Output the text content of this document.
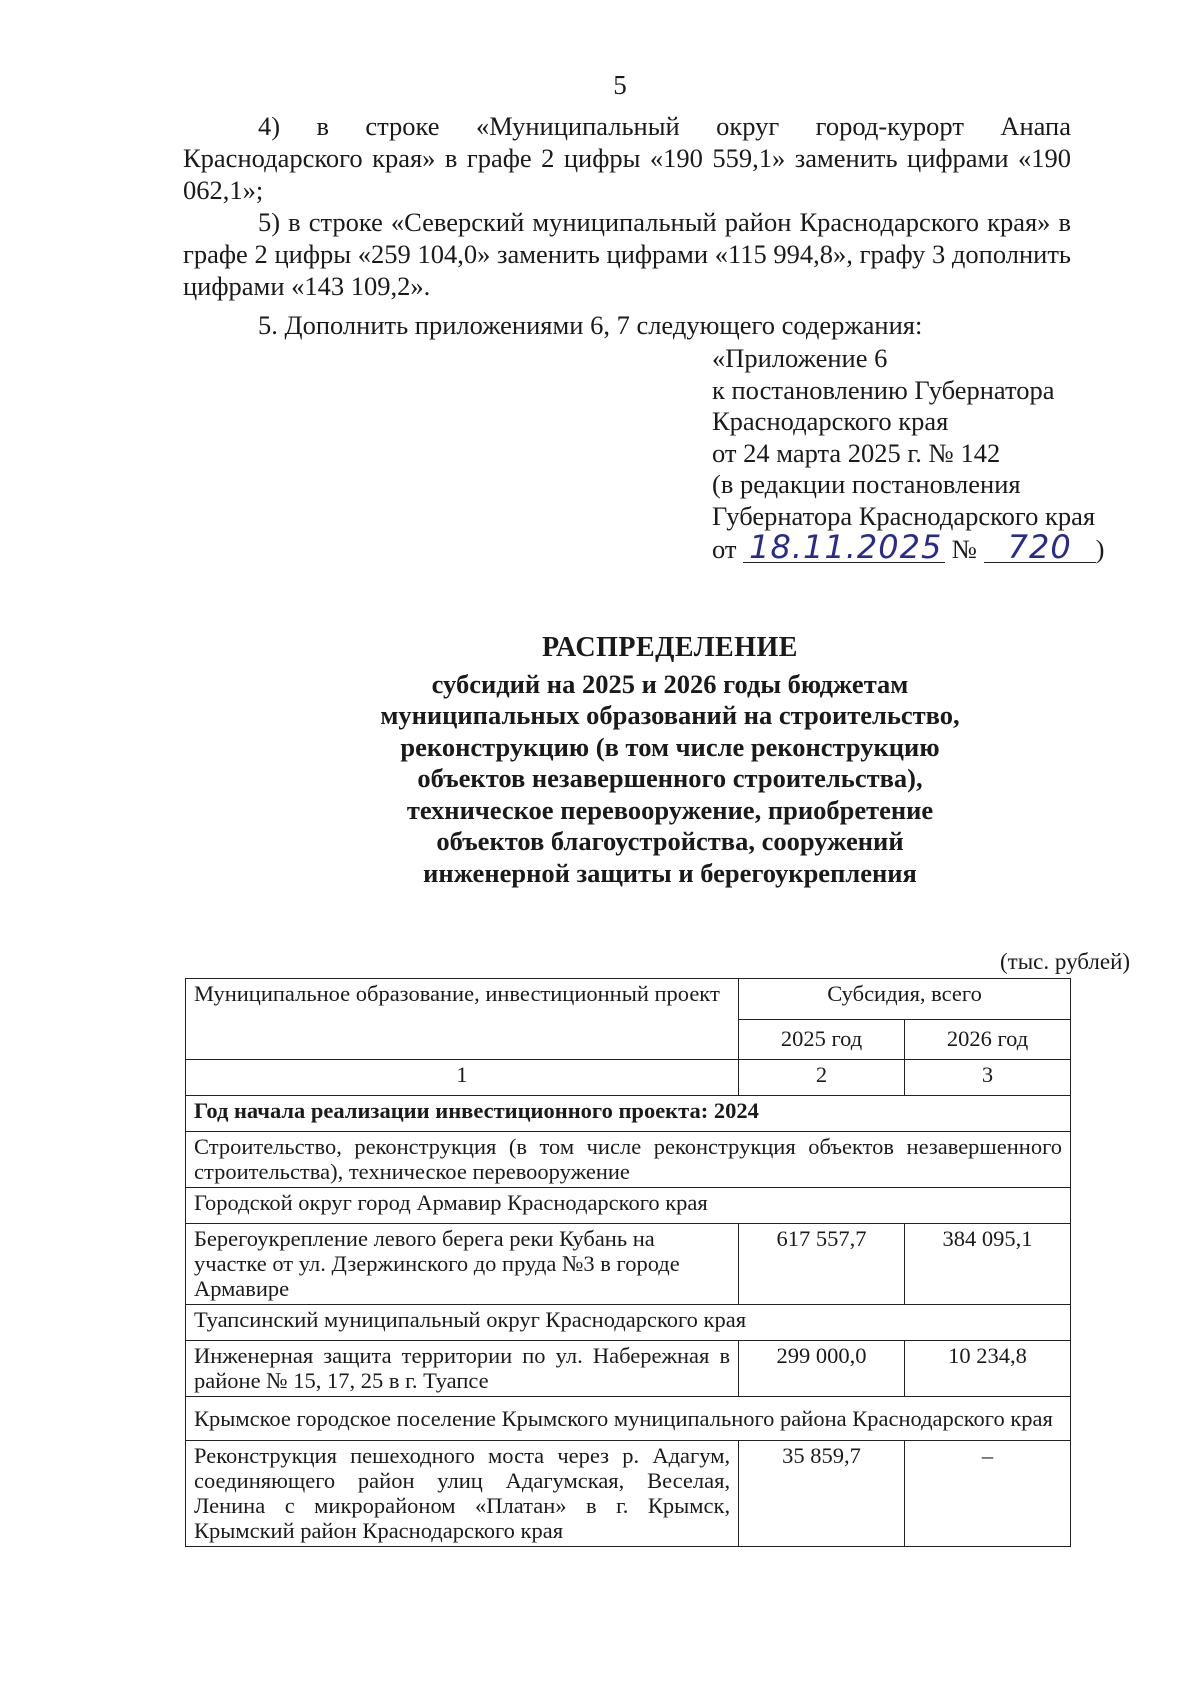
5

4) в строке «Муниципальный округ город-курорт Анапа Краснодарского края» в графе 2 цифры «190 559,1» заменить цифрами «190 062,1»;

5) в строке «Северский муниципальный район Краснодарского края» в графе 2 цифры «259 104,0» заменить цифрами «115 994,8», графу 3 дополнить цифрами «143 109,2».

5. Дополнить приложениями 6, 7 следующего содержания:

«Приложение 6
к постановлению Губернатора
Краснодарского края
от 24 марта 2025 г. № 142
(в редакции постановления
Губернатора Краснодарского края
от 18.11.2025 № 720 )
РАСПРЕДЕЛЕНИЕ
субсидий на 2025 и 2026 годы бюджетам
муниципальных образований на строительство,
реконструкцию (в том числе реконструкцию
объектов незавершенного строительства),
техническое перевооружение, приобретение
объектов благоустройства, сооружений
инженерной защиты и берегоукрепления
(тыс. рублей)
Муниципальное образование, инвестиционный проект	Субсидия, всего	
	2025 год	2026 год
1	2	3
Год начала реализации инвестиционного проекта: 2024		
Строительство, реконструкция (в том числе реконструкция объектов незавершенного строительства), техническое перевооружение		
Городской округ город Армавир Краснодарского края		
Берегоукрепление левого берега реки Кубань на участке от ул. Дзержинского до пруда №3 в городе Армавире	617 557,7	384 095,1
Туапсинский муниципальный округ Краснодарского края		
Инженерная защита территории по ул. Набережная в районе № 15, 17, 25 в г. Туапсе	299 000,0	10 234,8
Крымское городское поселение Крымского муниципального района Краснодарского края		
Реконструкция пешеходного моста через р. Адагум, соединяющего район улиц Адагумская, Веселая, Ленина с микрорайоном «Платан» в г. Крымск, Крымский район Краснодарского края	35 859,7	–
